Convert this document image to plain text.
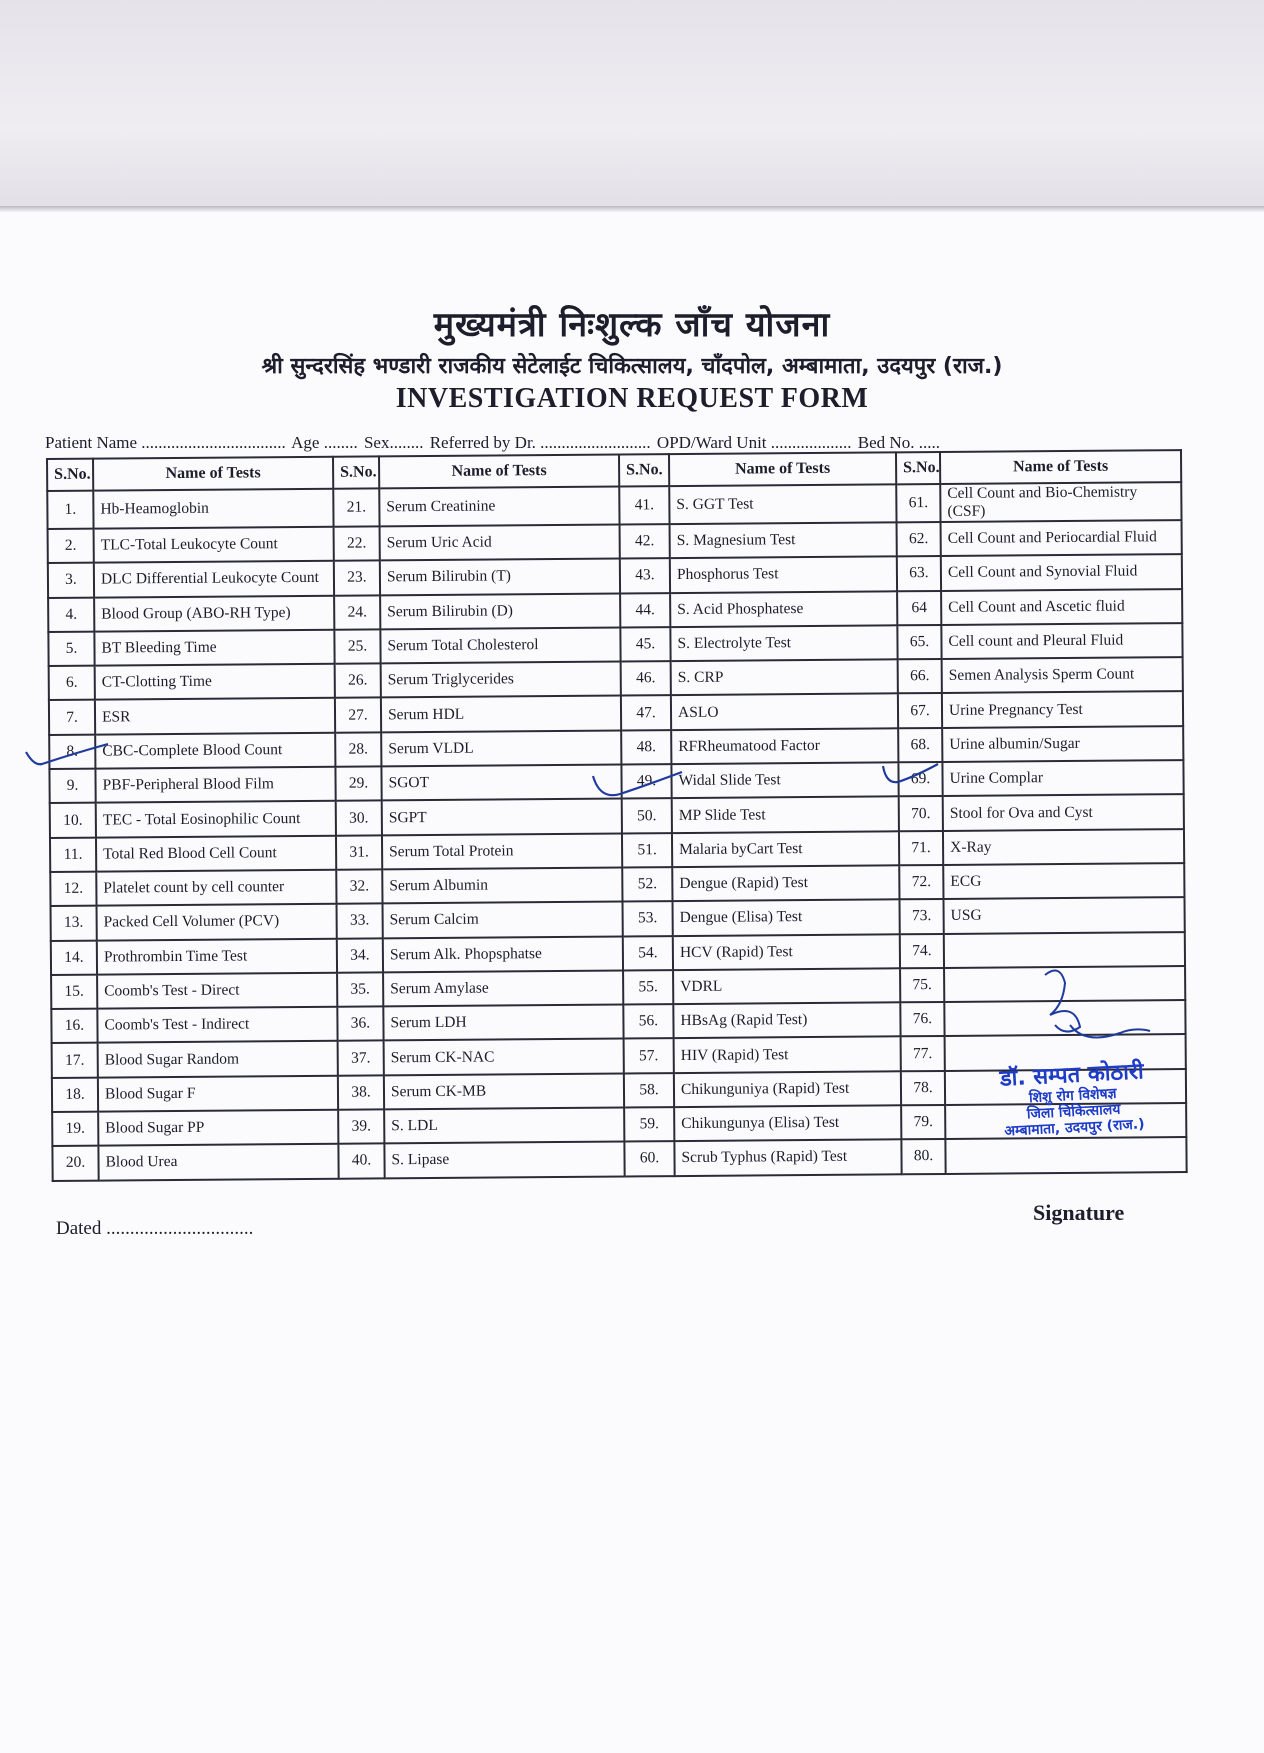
मुख्यमंत्री निःशुल्क जाँच योजना
श्री सुन्दरसिंह भण्डारी राजकीय सेटेलाईट चिकित्सालय, चाँदपोल, अम्बामाता, उदयपुर (राज.)
INVESTIGATION REQUEST FORM
Patient Name .................................. Age ........ Sex........ Referred by Dr. .......................... OPD/Ward Unit ................... Bed No. .....
S.No.	Name of Tests	S.No.	Name of Tests	S.No.	Name of Tests	S.No.	Name of Tests
1.	Hb-Heamoglobin	21.	Serum Creatinine	41.	S. GGT Test	61.	Cell Count and Bio-Chemistry (CSF)
2.	TLC-Total Leukocyte Count	22.	Serum Uric Acid	42.	S. Magnesium Test	62.	Cell Count and Periocardial Fluid
3.	DLC Differential Leukocyte Count	23.	Serum Bilirubin (T)	43.	Phosphorus Test	63.	Cell Count and Synovial Fluid
4.	Blood Group (ABO-RH Type)	24.	Serum Bilirubin (D)	44.	S. Acid Phosphatese	64	Cell Count and Ascetic fluid
5.	BT Bleeding Time	25.	Serum Total Cholesterol	45.	S. Electrolyte Test	65.	Cell count and Pleural Fluid
6.	CT-Clotting Time	26.	Serum Triglycerides	46.	S. CRP	66.	Semen Analysis Sperm Count
7.	ESR	27.	Serum HDL	47.	ASLO	67.	Urine Pregnancy Test
8.	CBC-Complete Blood Count	28.	Serum VLDL	48.	RFRheumatood Factor	68.	Urine albumin/Sugar
9.	PBF-Peripheral Blood Film	29.	SGOT	49.	Widal Slide Test	69.	Urine Complar
10.	TEC - Total Eosinophilic Count	30.	SGPT	50.	MP Slide Test	70.	Stool for Ova and Cyst
11.	Total Red Blood Cell Count	31.	Serum Total Protein	51.	Malaria byCart Test	71.	X-Ray
12.	Platelet count by cell counter	32.	Serum Albumin	52.	Dengue (Rapid) Test	72.	ECG
13.	Packed Cell Volumer (PCV)	33.	Serum Calcim	53.	Dengue (Elisa) Test	73.	USG
14.	Prothrombin Time Test	34.	Serum Alk. Phopsphatse	54.	HCV (Rapid) Test	74.	
15.	Coomb's Test - Direct	35.	Serum Amylase	55.	VDRL	75.	
16.	Coomb's Test - Indirect	36.	Serum LDH	56.	HBsAg (Rapid Test)	76.	
17.	Blood Sugar Random	37.	Serum CK-NAC	57.	HIV (Rapid) Test	77.	
18.	Blood Sugar F	38.	Serum CK-MB	58.	Chikunguniya (Rapid) Test	78.	
19.	Blood Sugar PP	39.	S. LDL	59.	Chikungunya (Elisa) Test	79.	
20.	Blood Urea	40.	S. Lipase	60.	Scrub Typhus (Rapid) Test	80.	
डॉ. सम्पत कोठारी
शिशु रोग विशेषज्ञ
जिला चिकित्सालय
अम्बामाता, उदयपुर (राज.)
Dated ...............................
Signature
